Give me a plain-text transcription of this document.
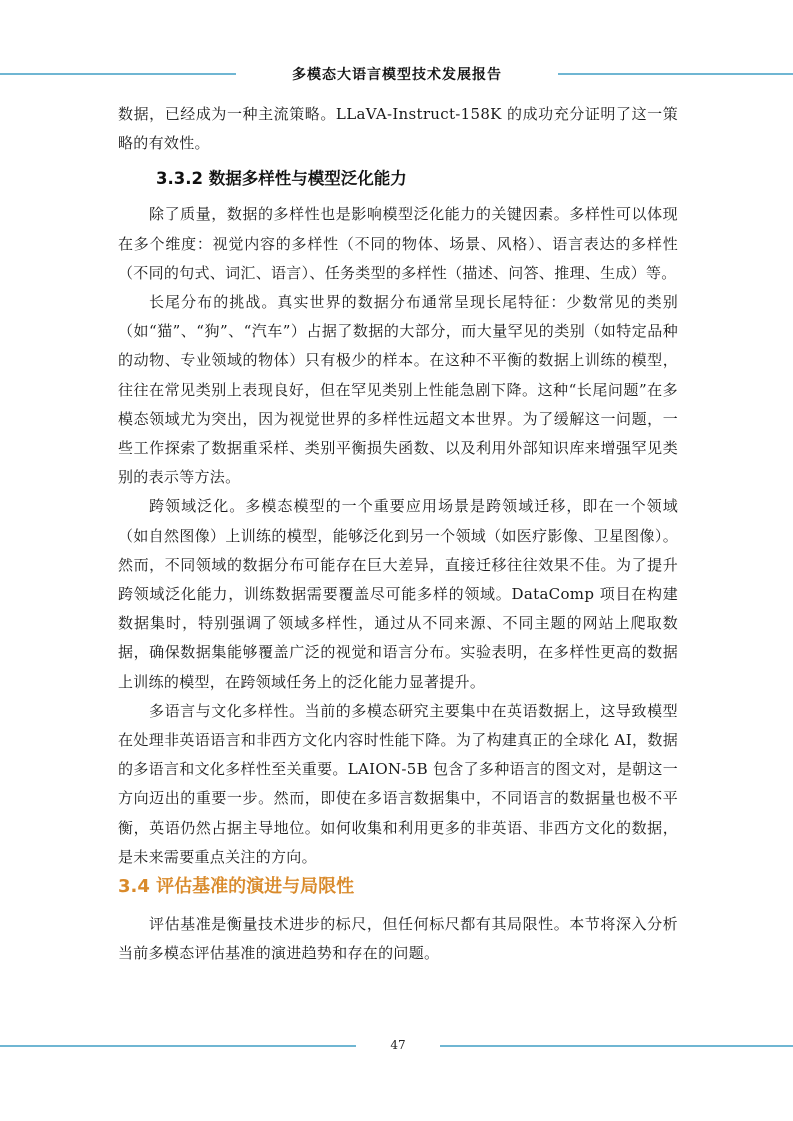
多模态大语言模型技术发展报告

数据，已经成为一种主流策略。LLaVA-Instruct-158K 的成功充分证明了这一策略的有效性。

3.3.2 数据多样性与模型泛化能力

除了质量，数据的多样性也是影响模型泛化能力的关键因素。多样性可以体现在多个维度：视觉内容的多样性（不同的物体、场景、风格）、语言表达的多样性（不同的句式、词汇、语言）、任务类型的多样性（描述、问答、推理、生成）等。

长尾分布的挑战。真实世界的数据分布通常呈现长尾特征：少数常见的类别（如“猫”、“狗”、“汽车”）占据了数据的大部分，而大量罕见的类别（如特定品种的动物、专业领域的物体）只有极少的样本。在这种不平衡的数据上训练的模型，往往在常见类别上表现良好，但在罕见类别上性能急剧下降。这种“长尾问题”在多模态领域尤为突出，因为视觉世界的多样性远超文本世界。为了缓解这一问题，一些工作探索了数据重采样、类别平衡损失函数、以及利用外部知识库来增强罕见类别的表示等方法。

跨领域泛化。多模态模型的一个重要应用场景是跨领域迁移，即在一个领域（如自然图像）上训练的模型，能够泛化到另一个领域（如医疗影像、卫星图像）。然而，不同领域的数据分布可能存在巨大差异，直接迁移往往效果不佳。为了提升跨领域泛化能力，训练数据需要覆盖尽可能多样的领域。DataComp 项目在构建数据集时，特别强调了领域多样性，通过从不同来源、不同主题的网站上爬取数据，确保数据集能够覆盖广泛的视觉和语言分布。实验表明，在多样性更高的数据上训练的模型，在跨领域任务上的泛化能力显著提升。

多语言与文化多样性。当前的多模态研究主要集中在英语数据上，这导致模型在处理非英语语言和非西方文化内容时性能下降。为了构建真正的全球化 AI，数据的多语言和文化多样性至关重要。LAION-5B 包含了多种语言的图文对，是朝这一方向迈出的重要一步。然而，即使在多语言数据集中，不同语言的数据量也极不平衡，英语仍然占据主导地位。如何收集和利用更多的非英语、非西方文化的数据，是未来需要重点关注的方向。

3.4 评估基准的演进与局限性

评估基准是衡量技术进步的标尺，但任何标尺都有其局限性。本节将深入分析当前多模态评估基准的演进趋势和存在的问题。

47
